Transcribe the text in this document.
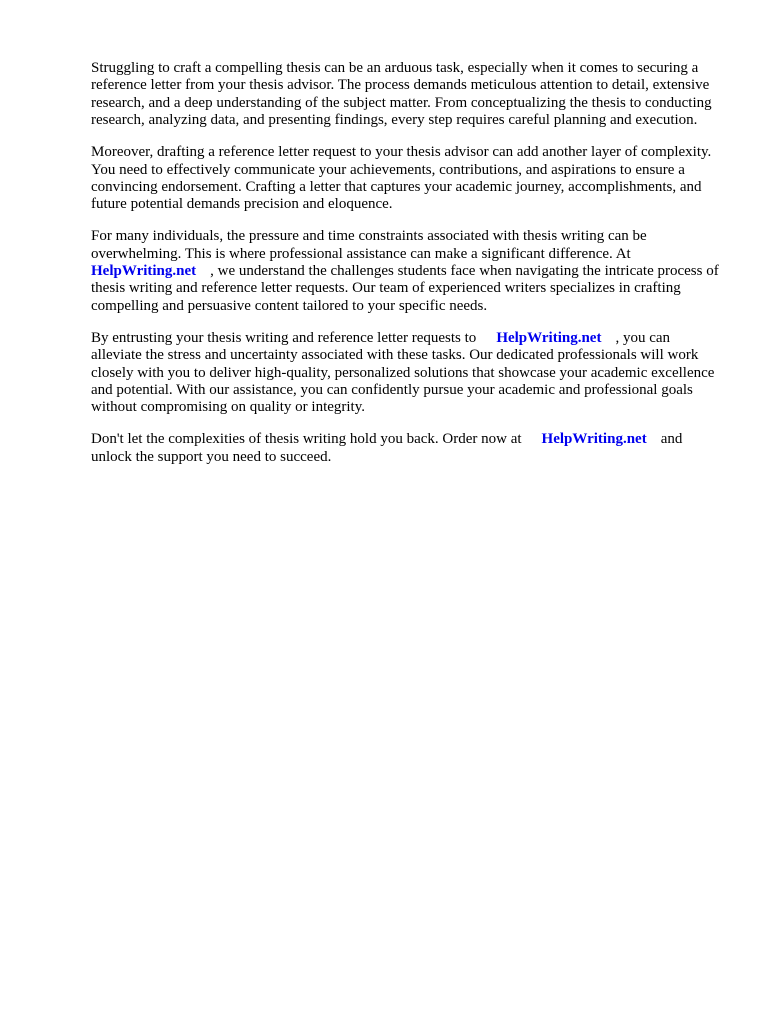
Struggling to craft a compelling thesis can be an arduous task, especially when it comes to securing a reference letter from your thesis advisor. The process demands meticulous attention to detail, extensive research, and a deep understanding of the subject matter. From conceptualizing the thesis to conducting research, analyzing data, and presenting findings, every step requires careful planning and execution.

Moreover, drafting a reference letter request to your thesis advisor can add another layer of complexity. You need to effectively communicate your achievements, contributions, and aspirations to ensure a convincing endorsement. Crafting a letter that captures your academic journey, accomplishments, and future potential demands precision and eloquence.

For many individuals, the pressure and time constraints associated with thesis writing can be overwhelming. This is where professional assistance can make a significant difference. At
HelpWriting.net , we understand the challenges students face when navigating the intricate process of thesis writing and reference letter requests. Our team of experienced writers specializes in crafting compelling and persuasive content tailored to your specific needs.

By entrusting your thesis writing and reference letter requests to HelpWriting.net , you can alleviate the stress and uncertainty associated with these tasks. Our dedicated professionals will work closely with you to deliver high-quality, personalized solutions that showcase your academic excellence and potential. With our assistance, you can confidently pursue your academic and professional goals without compromising on quality or integrity.

Don't let the complexities of thesis writing hold you back. Order now at HelpWriting.net and unlock the support you need to succeed.
